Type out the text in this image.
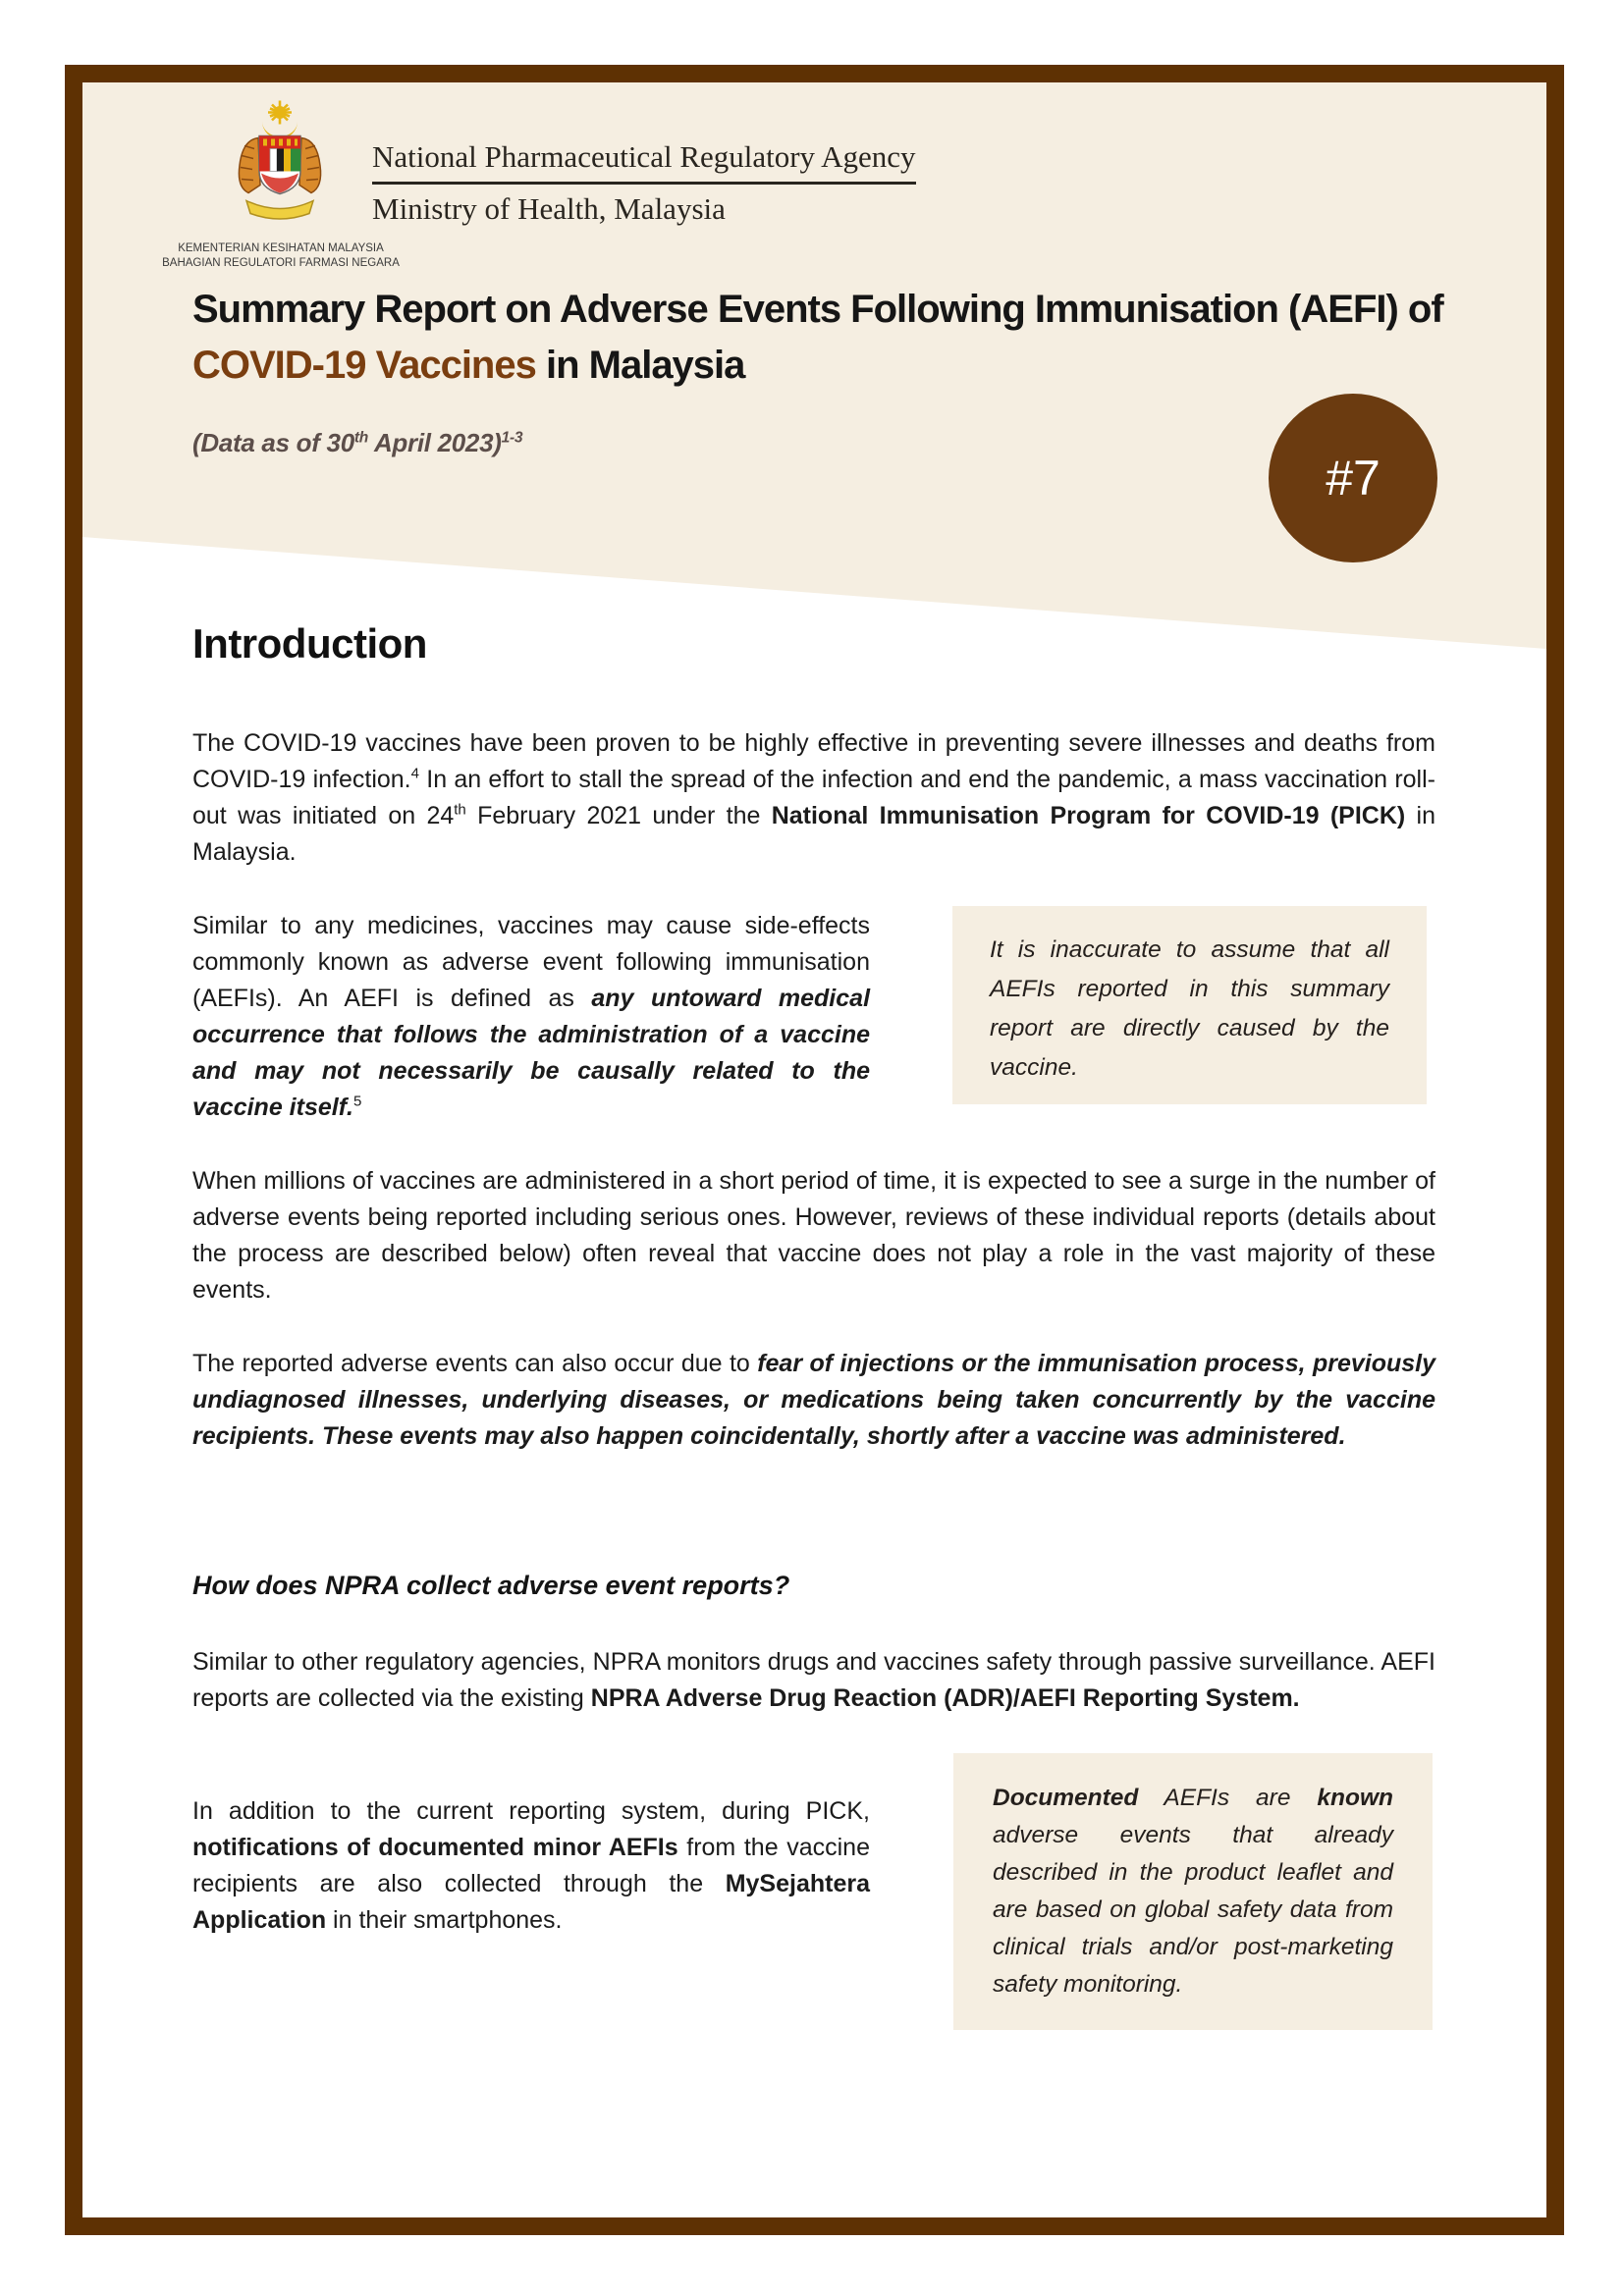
KEMENTERIAN KESIHATAN MALAYSIA
BAHAGIAN REGULATORI FARMASI NEGARA
National Pharmaceutical Regulatory Agency
Ministry of Health, Malaysia
Summary Report on Adverse Events Following Immunisation (AEFI) of COVID-19 Vaccines in Malaysia
(Data as of 30th April 2023)$^{1-3}$
#7
Introduction
The COVID-19 vaccines have been proven to be highly effective in preventing severe illnesses and deaths from COVID-19 infection.$^4$ In an effort to stall the spread of the infection and end the pandemic, a mass vaccination roll-out was initiated on 24th February 2021 under the National Immunisation Program for COVID-19 (PICK) in Malaysia.
Similar to any medicines, vaccines may cause side-effects commonly known as adverse event following immunisation (AEFIs). An AEFI is defined as any untoward medical occurrence that follows the administration of a vaccine and may not necessarily be causally related to the vaccine itself.$^5$
It is inaccurate to assume that all AEFIs reported in this summary report are directly caused by the vaccine.
When millions of vaccines are administered in a short period of time, it is expected to see a surge in the number of adverse events being reported including serious ones. However, reviews of these individual reports (details about the process are described below) often reveal that vaccine does not play a role in the vast majority of these events.
The reported adverse events can also occur due to fear of injections or the immunisation process, previously undiagnosed illnesses, underlying diseases, or medications being taken concurrently by the vaccine recipients. These events may also happen coincidentally, shortly after a vaccine was administered.
How does NPRA collect adverse event reports?
Similar to other regulatory agencies, NPRA monitors drugs and vaccines safety through passive surveillance. AEFI reports are collected via the existing NPRA Adverse Drug Reaction (ADR)/AEFI Reporting System.
In addition to the current reporting system, during PICK, notifications of documented minor AEFIs from the vaccine recipients are also collected through the MySejahtera Application in their smartphones.
Documented AEFIs are known adverse events that already described in the product leaflet and are based on global safety data from clinical trials and/or post-marketing safety monitoring.
